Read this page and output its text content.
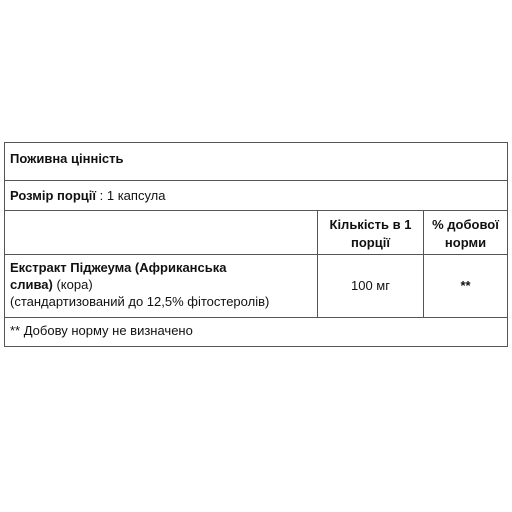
Поживна цінність
Розмір порції : 1 капсула
Кількість в 1
порції
% добової
норми
Екстракт Піджеума (Африканська
слива) (кора)
(стандартизований до 12,5% фітостеролів)
100 мг	**
** Добову норму не визначено
